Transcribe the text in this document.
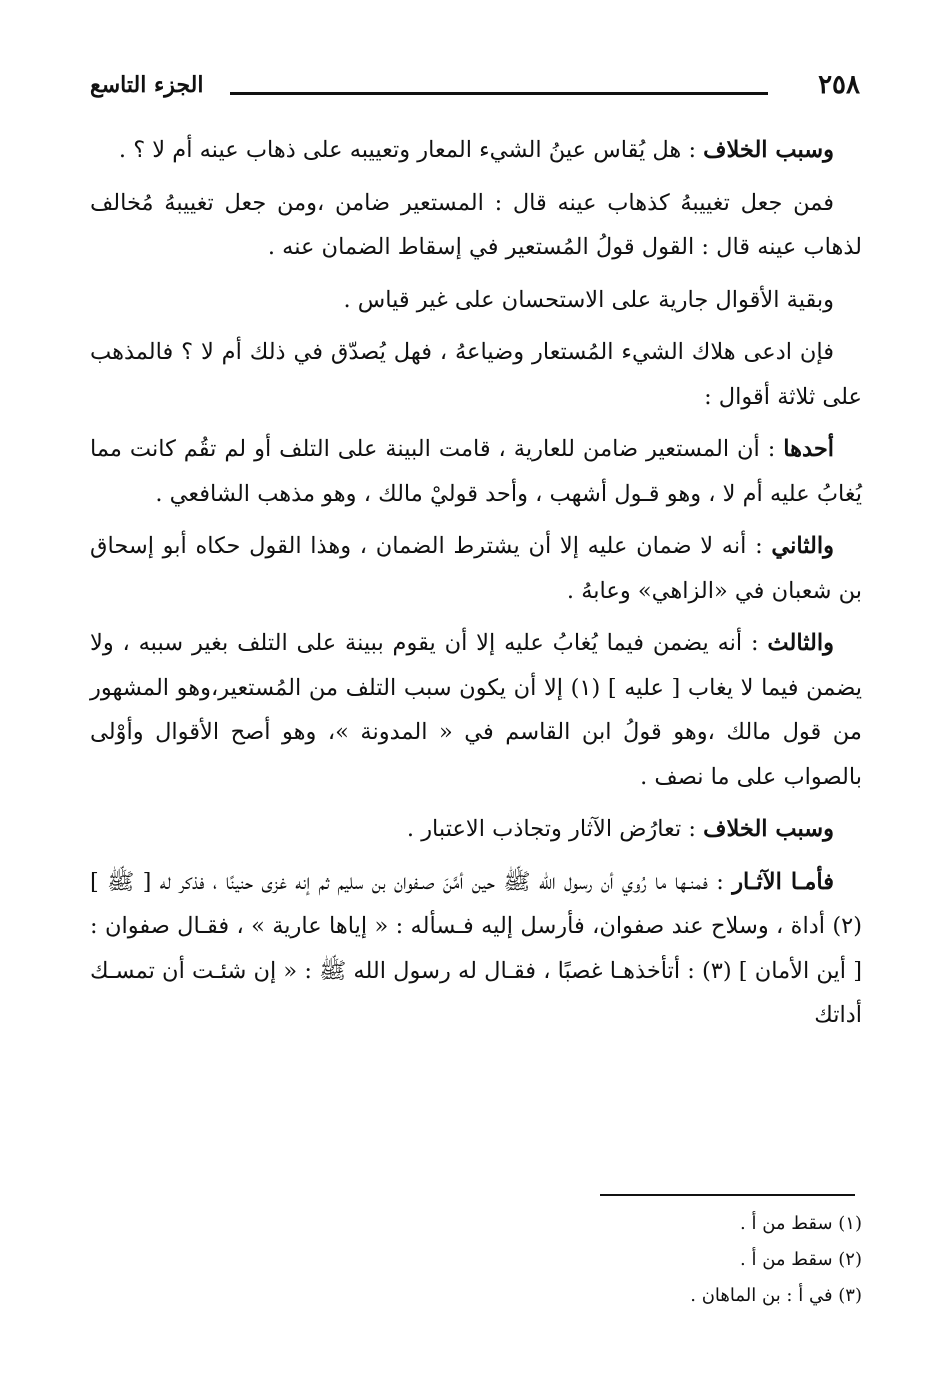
٢٥٨
الجزء التاسع

وسبب الخلاف : هل يُقاس عينُ الشيء المعار وتعييبه على ذهاب عينه أم لا ؟ .

فمن جعل تغييبهُ كذهاب عينه قال : المستعير ضامن ،ومن جعل تغييبهُ مُخالف لذهاب عينه قال : القول قولُ المُستعير في إسقاط الضمان عنه .

وبقية الأقوال جارية على الاستحسان على غير قياس .

فإن ادعى هلاك الشيء المُستعار وضياعهُ ، فهل يُصدّق في ذلك أم لا ؟ فالمذهب على ثلاثة أقوال :

أحدها : أن المستعير ضامن للعارية ، قامت البينة على التلف أو لم تقُم كانت مما يُغابُ عليه أم لا ، وهو قـول أشهب ، وأحد قوليْ مالك ، وهو مذهب الشافعي .

والثاني : أنه لا ضمان عليه إلا أن يشترط الضمان ، وهذا القول حكاه أبو إسحاق بن شعبان في «الزاهي» وعابهُ .

والثالث : أنه يضمن فيما يُغابُ عليه إلا أن يقوم ببينة على التلف بغير سببه ، ولا يضمن فيما لا يغاب [ عليه ] (١) إلا أن يكون سبب التلف من المُستعير،وهو المشهور من قول مالك ،وهو قولُ ابن القاسم في « المدونة »، وهو أصح الأقوال وأوْلى بالصواب على ما نصف .

وسبب الخلاف : تعارُض الآثار وتجاذب الاعتبار .

فأمـا الآثـار : فمنـها ما رُوي أن رسول الله ﷺ حين أمَّنَ صـفوان بن سليم ثم إنه غزى حنينًا ، فذكر له [ ﷺ ] (٢) أداة ، وسلاح عند صفوان، فأرسل إليه فـسأله : « إياها عارية » ، فقـال صفوان :[ أين الأمان ] (٣) : أتأخذهـا غصبًا ، فقـال له رسول الله ﷺ : « إن شئـت أن تمسـك أداتك

(١) سقط من أ .
(٢) سقط من أ .
(٣) في أ : بن الماهان .
